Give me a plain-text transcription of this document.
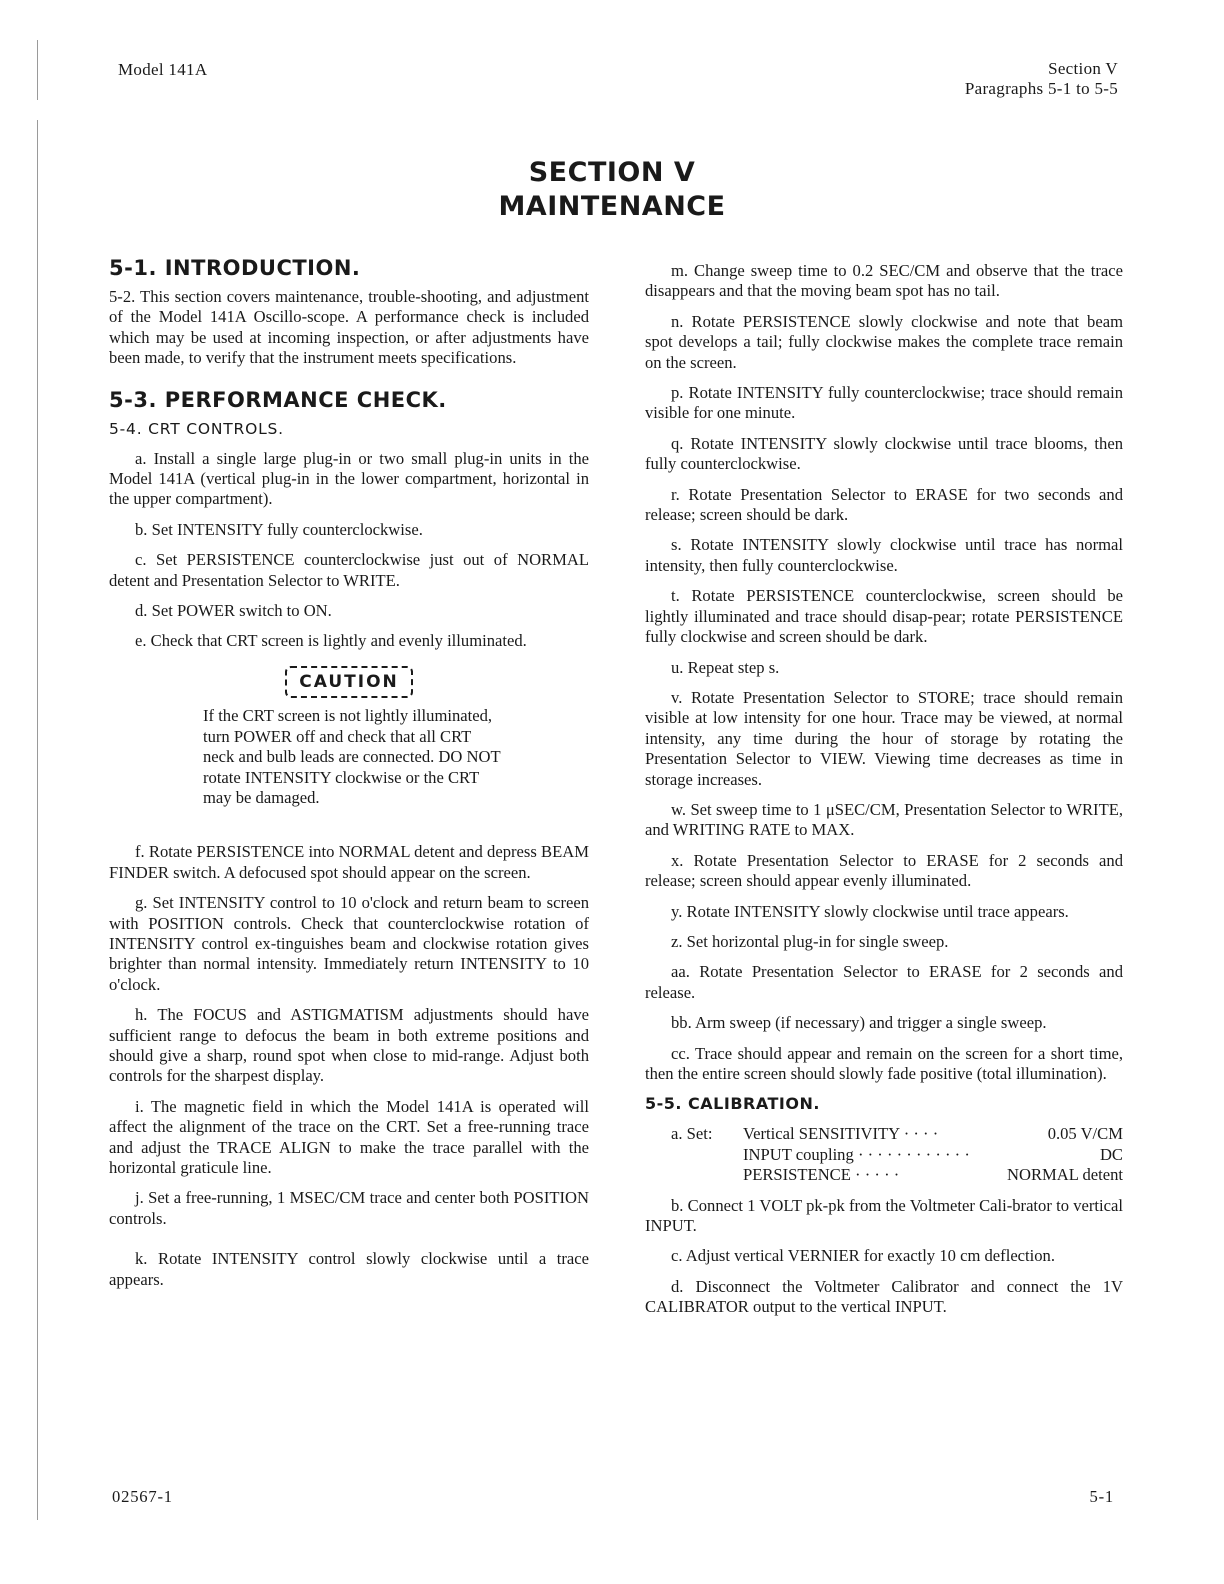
Model 141A	Section V
Paragraphs 5-1 to 5-5
SECTION V
MAINTENANCE
5-1. INTRODUCTION.

5-2. This section covers maintenance, trouble-shooting, and adjustment of the Model 141A Oscillo-scope. A performance check is included which may be used at incoming inspection, or after adjustments have been made, to verify that the instrument meets specifications.

5-3. PERFORMANCE CHECK.
5-4. CRT CONTROLS.

a. Install a single large plug-in or two small plug-in units in the Model 141A (vertical plug-in in the lower compartment, horizontal in the upper compartment).

b. Set INTENSITY fully counterclockwise.

c. Set PERSISTENCE counterclockwise just out of NORMAL detent and Presentation Selector to WRITE.

d. Set POWER switch to ON.

e. Check that CRT screen is lightly and evenly illuminated.

CAUTION
If the CRT screen is not lightly illuminated, turn POWER off and check that all CRT neck and bulb leads are connected. DO NOT rotate INTENSITY clockwise or the CRT may be damaged.

f. Rotate PERSISTENCE into NORMAL detent and depress BEAM FINDER switch. A defocused spot should appear on the screen.

g. Set INTENSITY control to 10 o'clock and return beam to screen with POSITION controls. Check that counterclockwise rotation of INTENSITY control ex-tinguishes beam and clockwise rotation gives brighter than normal intensity. Immediately return INTENSITY to 10 o'clock.

h. The FOCUS and ASTIGMATISM adjustments should have sufficient range to defocus the beam in both extreme positions and should give a sharp, round spot when close to mid-range. Adjust both controls for the sharpest display.

i. The magnetic field in which the Model 141A is operated will affect the alignment of the trace on the CRT. Set a free-running trace and adjust the TRACE ALIGN to make the trace parallel with the horizontal graticule line.

j. Set a free-running, 1 MSEC/CM trace and center both POSITION controls.

k. Rotate INTENSITY control slowly clockwise until a trace appears.

m. Change sweep time to 0.2 SEC/CM and observe that the trace disappears and that the moving beam spot has no tail.

n. Rotate PERSISTENCE slowly clockwise and note that beam spot develops a tail; fully clockwise makes the complete trace remain on the screen.

p. Rotate INTENSITY fully counterclockwise; trace should remain visible for one minute.

q. Rotate INTENSITY slowly clockwise until trace blooms, then fully counterclockwise.

r. Rotate Presentation Selector to ERASE for two seconds and release; screen should be dark.

s. Rotate INTENSITY slowly clockwise until trace has normal intensity, then fully counterclockwise.

t. Rotate PERSISTENCE counterclockwise, screen should be lightly illuminated and trace should disap-pear; rotate PERSISTENCE fully clockwise and screen should be dark.

u. Repeat step s.

v. Rotate Presentation Selector to STORE; trace should remain visible at low intensity for one hour. Trace may be viewed, at normal intensity, any time during the hour of storage by rotating the Presentation Selector to VIEW. Viewing time decreases as time in storage increases.

w. Set sweep time to 1 μSEC/CM, Presentation Selector to WRITE, and WRITING RATE to MAX.

x. Rotate Presentation Selector to ERASE for 2 seconds and release; screen should appear evenly illuminated.

y. Rotate INTENSITY slowly clockwise until trace appears.

z. Set horizontal plug-in for single sweep.

aa. Rotate Presentation Selector to ERASE for 2 seconds and release.

bb. Arm sweep (if necessary) and trigger a single sweep.

cc. Trace should appear and remain on the screen for a short time, then the entire screen should slowly fade positive (total illumination).

5-5. CALIBRATION.
a. Set:	Vertical SENSITIVITY · · · ·	0.05 V/CM
INPUT coupling · · · · · · · · · · · ·	DC
PERSISTENCE · · · · ·	NORMAL detent

b. Connect 1 VOLT pk-pk from the Voltmeter Cali-brator to vertical INPUT.

c. Adjust vertical VERNIER for exactly 10 cm deflection.

d. Disconnect the Voltmeter Calibrator and connect the 1V CALIBRATOR output to the vertical INPUT.

02567-1	5-1
